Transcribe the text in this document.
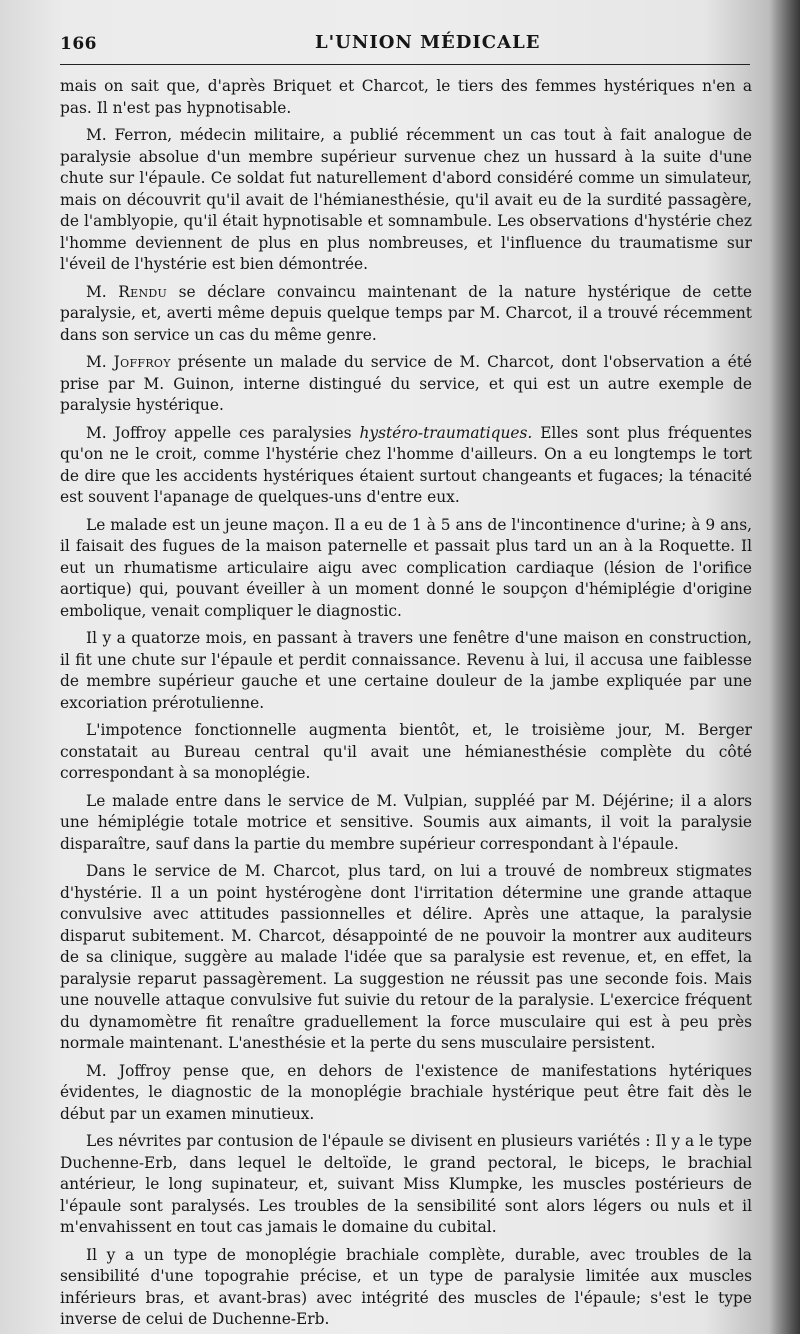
166	L'UNION MÉDICALE

mais on sait que, d'après Briquet et Charcot, le tiers des femmes hystériques n'en a pas. Il n'est pas hypnotisable.

M. Ferron, médecin militaire, a publié récemment un cas tout à fait analogue de paralysie absolue d'un membre supérieur survenue chez un hussard à la suite d'une chute sur l'épaule. Ce soldat fut naturellement d'abord considéré comme un simulateur, mais on découvrit qu'il avait de l'hémianesthésie, qu'il avait eu de la surdité passagère, de l'amblyopie, qu'il était hypnotisable et somnambule. Les observations d'hystérie chez l'homme deviennent de plus en plus nombreuses, et l'influence du traumatisme sur l'éveil de l'hystérie est bien démontrée.

M. Rendu se déclare convaincu maintenant de la nature hystérique de cette paralysie, et, averti même depuis quelque temps par M. Charcot, il a trouvé récemment dans son service un cas du même genre.

M. Joffroy présente un malade du service de M. Charcot, dont l'observation a été prise par M. Guinon, interne distingué du service, et qui est un autre exemple de paralysie hystérique.

M. Joffroy appelle ces paralysies hystéro-traumatiques. Elles sont plus fréquentes qu'on ne le croit, comme l'hystérie chez l'homme d'ailleurs. On a eu longtemps le tort de dire que les accidents hystériques étaient surtout changeants et fugaces; la ténacité est souvent l'apanage de quelques-uns d'entre eux.

Le malade est un jeune maçon. Il a eu de 1 à 5 ans de l'incontinence d'urine; à 9 ans, il faisait des fugues de la maison paternelle et passait plus tard un an à la Roquette. Il eut un rhumatisme articulaire aigu avec complication cardiaque (lésion de l'orifice aortique) qui, pouvant éveiller à un moment donné le soupçon d'hémiplégie d'origine embolique, venait compliquer le diagnostic.

Il y a quatorze mois, en passant à travers une fenêtre d'une maison en construction, il fit une chute sur l'épaule et perdit connaissance. Revenu à lui, il accusa une faiblesse de membre supérieur gauche et une certaine douleur de la jambe expliquée par une excoriation prérotulienne.

L'impotence fonctionnelle augmenta bientôt, et, le troisième jour, M. Berger constatait au Bureau central qu'il avait une hémianesthésie complète du côté correspondant à sa monoplégie.

Le malade entre dans le service de M. Vulpian, suppléé par M. Déjérine; il a alors une hémiplégie totale motrice et sensitive. Soumis aux aimants, il voit la paralysie disparaître, sauf dans la partie du membre supérieur correspondant à l'épaule.

Dans le service de M. Charcot, plus tard, on lui a trouvé de nombreux stigmates d'hystérie. Il a un point hystérogène dont l'irritation détermine une grande attaque convulsive avec attitudes passionnelles et délire. Après une attaque, la paralysie disparut subitement. M. Charcot, désappointé de ne pouvoir la montrer aux auditeurs de sa clinique, suggère au malade l'idée que sa paralysie est revenue, et, en effet, la paralysie reparut passagèrement. La suggestion ne réussit pas une seconde fois. Mais une nouvelle attaque convulsive fut suivie du retour de la paralysie. L'exercice fréquent du dynamomètre fit renaître graduellement la force musculaire qui est à peu près normale maintenant. L'anesthésie et la perte du sens musculaire persistent.

M. Joffroy pense que, en dehors de l'existence de manifestations hytériques évidentes, le diagnostic de la monoplégie brachiale hystérique peut être fait dès le début par un examen minutieux.

Les névrites par contusion de l'épaule se divisent en plusieurs variétés : Il y a le type Duchenne-Erb, dans lequel le deltoïde, le grand pectoral, le biceps, le brachial antérieur, le long supinateur, et, suivant Miss Klumpke, les muscles postérieurs de l'épaule sont paralysés. Les troubles de la sensibilité sont alors légers ou nuls et il m'envahissent en tout cas jamais le domaine du cubital.

Il y a un type de monoplégie brachiale complète, durable, avec troubles de la sensibilité d'une topograhie précise, et un type de paralysie limitée aux muscles inférieurs bras, et avant-bras) avec intégrité des muscles de l'épaule; s'est le type inverse de celui de Duchenne-Erb.
